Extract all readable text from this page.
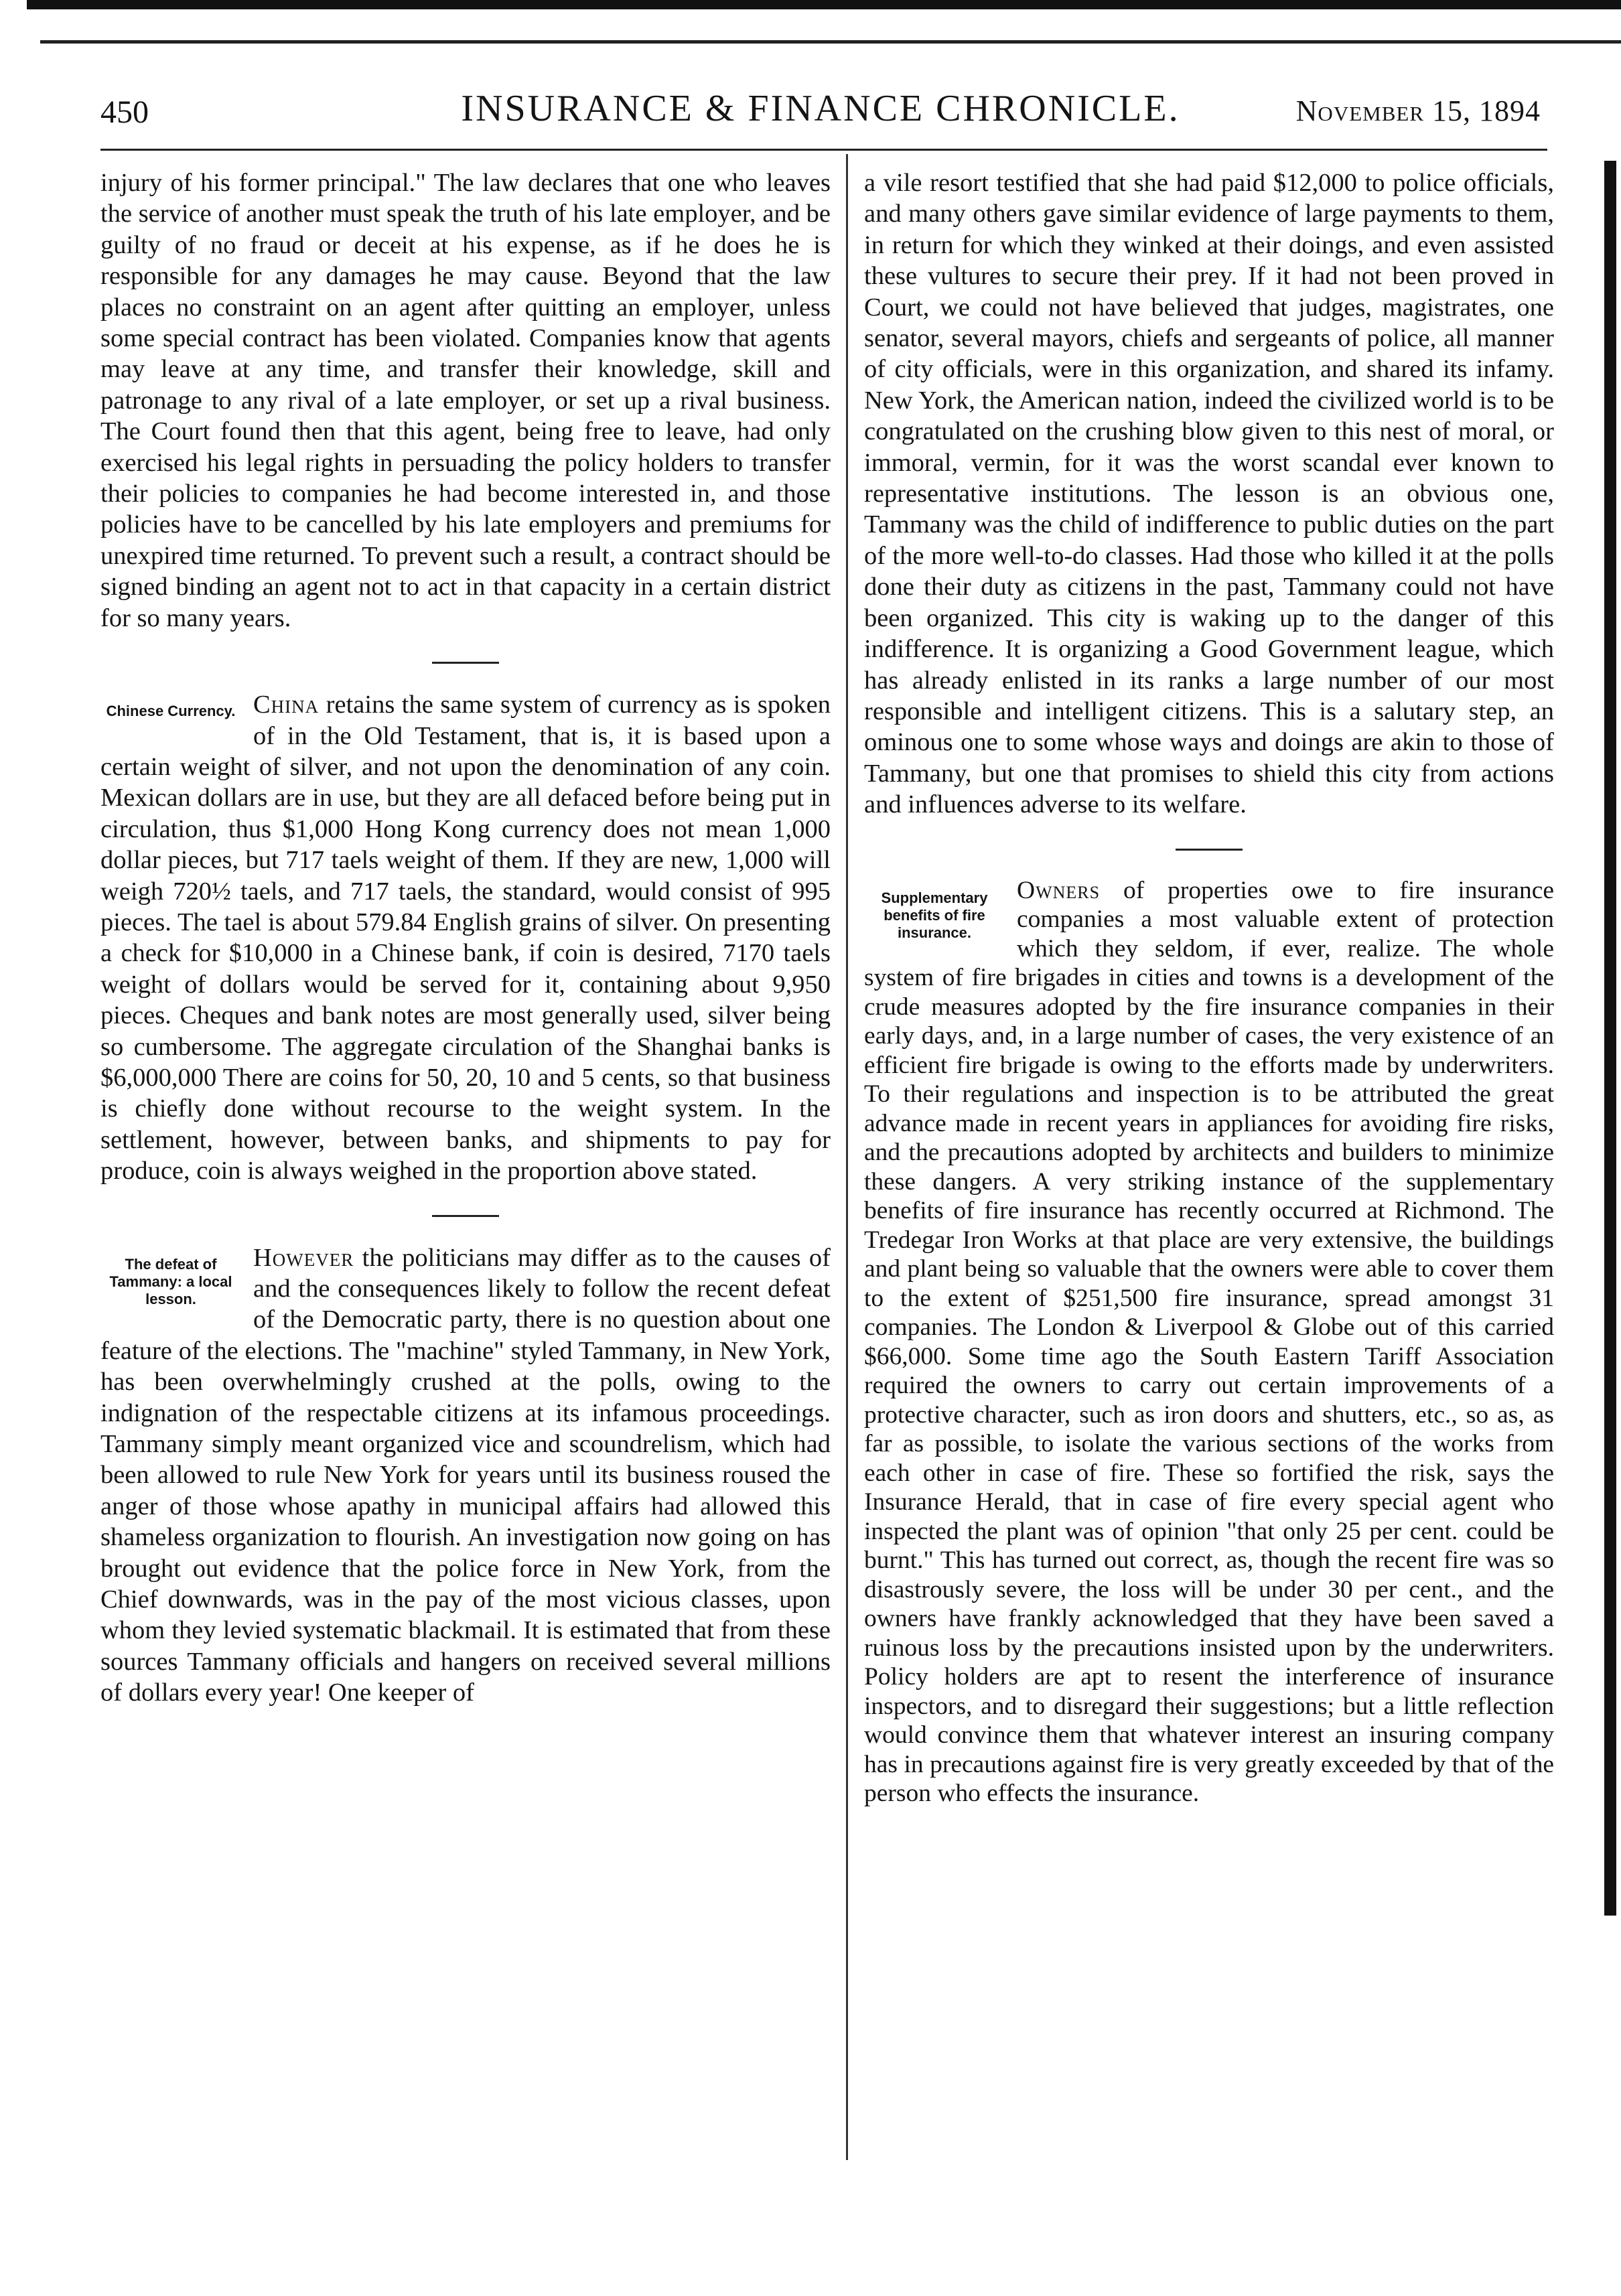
450	INSURANCE & FINANCE CHRONICLE.	November 15, 1894

injury of his former principal." The law declares that one who leaves the service of another must speak the truth of his late employer, and be guilty of no fraud or deceit at his expense, as if he does he is responsible for any damages he may cause. Beyond that the law places no constraint on an agent after quitting an employer, unless some special contract has been violated. Companies know that agents may leave at any time, and transfer their knowledge, skill and patronage to any rival of a late employer, or set up a rival business. The Court found then that this agent, being free to leave, had only exercised his legal rights in persuading the policy holders to transfer their policies to companies he had become interested in, and those policies have to be cancelled by his late employers and premiums for unexpired time returned. To prevent such a result, a contract should be signed binding an agent not to act in that capacity in a certain district for so many years.

Chinese Currency. China retains the same system of currency as is spoken of in the Old Testament, that is, it is based upon a certain weight of silver, and not upon the denomination of any coin. Mexican dollars are in use, but they are all defaced before being put in circulation, thus $1,000 Hong Kong currency does not mean 1,000 dollar pieces, but 717 taels weight of them. If they are new, 1,000 will weigh 720½ taels, and 717 taels, the standard, would consist of 995 pieces. The tael is about 579.84 English grains of silver. On presenting a check for $10,000 in a Chinese bank, if coin is desired, 7170 taels weight of dollars would be served for it, containing about 9,950 pieces. Cheques and bank notes are most generally used, silver being so cumbersome. The aggregate circulation of the Shanghai banks is $6,000,000 There are coins for 50, 20, 10 and 5 cents, so that business is chiefly done without recourse to the weight system. In the settlement, however, between banks, and shipments to pay for produce, coin is always weighed in the proportion above stated.

The defeat of Tammany: a local lesson.

However the politicians may differ as to the causes of and the consequences likely to follow the recent defeat of the Democratic party, there is no question about one feature of the elections. The "machine" styled Tammany, in New York, has been overwhelmingly crushed at the polls, owing to the indignation of the respectable citizens at its infamous proceedings. Tammany simply meant organized vice and scoundrelism, which had been allowed to rule New York for years until its business roused the anger of those whose apathy in municipal affairs had allowed this shameless organization to flourish. An investigation now going on has brought out evidence that the police force in New York, from the Chief downwards, was in the pay of the most vicious classes, upon whom they levied systematic blackmail. It is estimated that from these sources Tammany officials and hangers on received several millions of dollars every year! One keeper of

a vile resort testified that she had paid $12,000 to police officials, and many others gave similar evidence of large payments to them, in return for which they winked at their doings, and even assisted these vultures to secure their prey. If it had not been proved in Court, we could not have believed that judges, magistrates, one senator, several mayors, chiefs and sergeants of police, all manner of city officials, were in this organization, and shared its infamy. New York, the American nation, indeed the civilized world is to be congratulated on the crushing blow given to this nest of moral, or immoral, vermin, for it was the worst scandal ever known to representative institutions. The lesson is an obvious one, Tammany was the child of indifference to public duties on the part of the more well-to-do classes. Had those who killed it at the polls done their duty as citizens in the past, Tammany could not have been organized. This city is waking up to the danger of this indifference. It is organizing a Good Government league, which has already enlisted in its ranks a large number of our most responsible and intelligent citizens. This is a salutary step, an ominous one to some whose ways and doings are akin to those of Tammany, but one that promises to shield this city from actions and influences adverse to its welfare.

Supplementary benefits of fire insurance.

Owners of properties owe to fire insurance companies a most valuable extent of protection which they seldom, if ever, realize. The whole system of fire brigades in cities and towns is a development of the crude measures adopted by the fire insurance companies in their early days, and, in a large number of cases, the very existence of an efficient fire brigade is owing to the efforts made by underwriters. To their regulations and inspection is to be attributed the great advance made in recent years in appliances for avoiding fire risks, and the precautions adopted by architects and builders to minimize these dangers. A very striking instance of the supplementary benefits of fire insurance has recently occurred at Richmond. The Tredegar Iron Works at that place are very extensive, the buildings and plant being so valuable that the owners were able to cover them to the extent of $251,500 fire insurance, spread amongst 31 companies. The London & Liverpool & Globe out of this carried $66,000. Some time ago the South Eastern Tariff Association required the owners to carry out certain improvements of a protective character, such as iron doors and shutters, etc., so as, as far as possible, to isolate the various sections of the works from each other in case of fire. These so fortified the risk, says the Insurance Herald, that in case of fire every special agent who inspected the plant was of opinion "that only 25 per cent. could be burnt." This has turned out correct, as, though the recent fire was so disastrously severe, the loss will be under 30 per cent., and the owners have frankly acknowledged that they have been saved a ruinous loss by the precautions insisted upon by the underwriters. Policy holders are apt to resent the interference of insurance inspectors, and to disregard their suggestions; but a little reflection would convince them that whatever interest an insuring company has in precautions against fire is very greatly exceeded by that of the person who effects the insurance.
